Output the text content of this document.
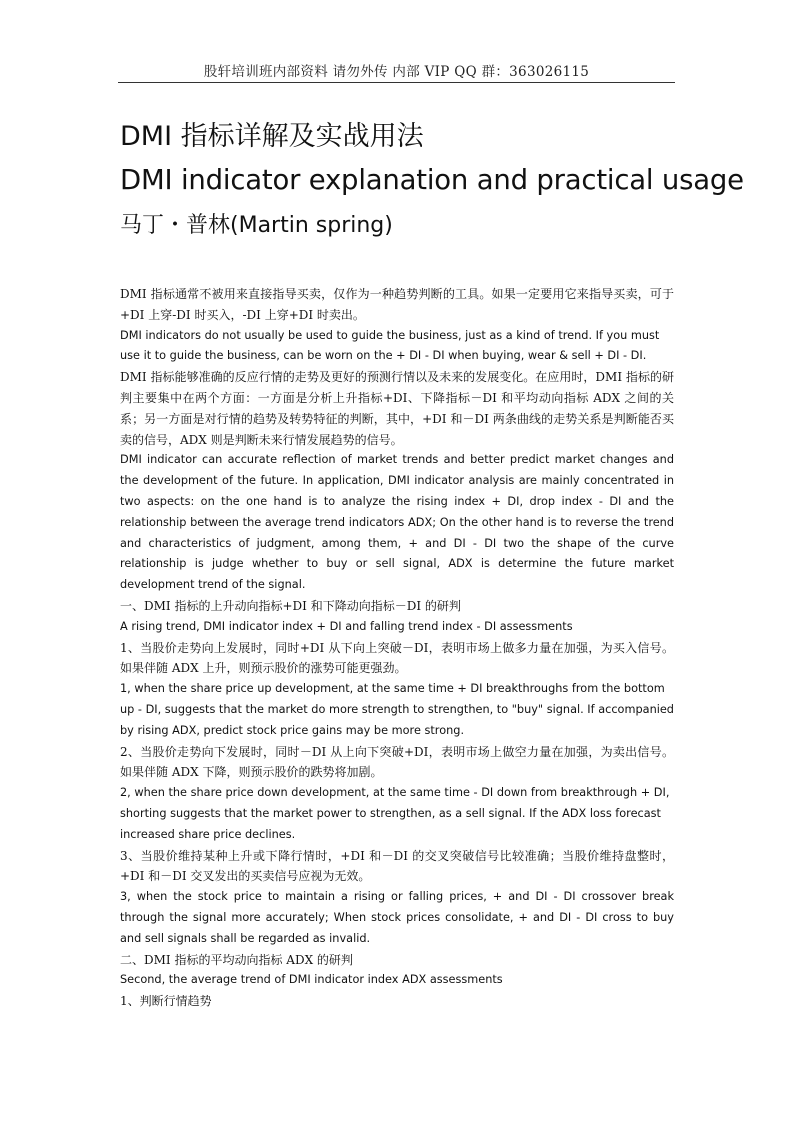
股轩培训班内部资料 请勿外传 内部 VIP QQ 群：363026115
DMI 指标详解及实战用法
DMI indicator explanation and practical usage
马丁・普林(Martin spring)

DMI 指标通常不被用来直接指导买卖，仅作为一种趋势判断的工具。如果一定要用它来指导买卖，可于+DI 上穿-DI 时买入，-DI 上穿+DI 时卖出。

DMI indicators do not usually be used to guide the business, just as a kind of trend. If you must use it to guide the business, can be worn on the + DI - DI when buying, wear & sell + DI - DI.

DMI 指标能够准确的反应行情的走势及更好的预测行情以及未来的发展变化。在应用时，DMI 指标的研判主要集中在两个方面：一方面是分析上升指标+DI、下降指标－DI 和平均动向指标 ADX 之间的关系；另一方面是对行情的趋势及转势特征的判断，其中，+DI 和－DI 两条曲线的走势关系是判断能否买卖的信号，ADX 则是判断未来行情发展趋势的信号。

DMI indicator can accurate reflection of market trends and better predict market changes and the development of the future. In application, DMI indicator analysis are mainly concentrated in two aspects: on the one hand is to analyze the rising index + DI, drop index - DI and the relationship between the average trend indicators ADX; On the other hand is to reverse the trend and characteristics of judgment, among them, + and DI - DI two the shape of the curve relationship is judge whether to buy or sell signal, ADX is determine the future market development trend of the signal.

一、DMI 指标的上升动向指标+DI 和下降动向指标－DI 的研判

A rising trend, DMI indicator index + DI and falling trend index - DI assessments

1、当股价走势向上发展时，同时+DI 从下向上突破－DI，表明市场上做多力量在加强，为买入信号。如果伴随 ADX 上升，则预示股价的涨势可能更强劲。

1, when the share price up development, at the same time + DI breakthroughs from the bottom up - DI, suggests that the market do more strength to strengthen, to "buy" signal. If accompanied by rising ADX, predict stock price gains may be more strong.

2、当股价走势向下发展时，同时－DI 从上向下突破+DI，表明市场上做空力量在加强，为卖出信号。如果伴随 ADX 下降，则预示股价的跌势将加剧。

2, when the share price down development, at the same time - DI down from breakthrough + DI, shorting suggests that the market power to strengthen, as a sell signal. If the ADX loss forecast increased share price declines.

3、当股价维持某种上升或下降行情时，+DI 和－DI 的交叉突破信号比较准确；当股价维持盘整时，+DI 和－DI 交叉发出的买卖信号应视为无效。

3, when the stock price to maintain a rising or falling prices, + and DI - DI crossover break through the signal more accurately; When stock prices consolidate, + and DI - DI cross to buy and sell signals shall be regarded as invalid.

二、DMI 指标的平均动向指标 ADX 的研判

Second, the average trend of DMI indicator index ADX assessments

1、判断行情趋势
